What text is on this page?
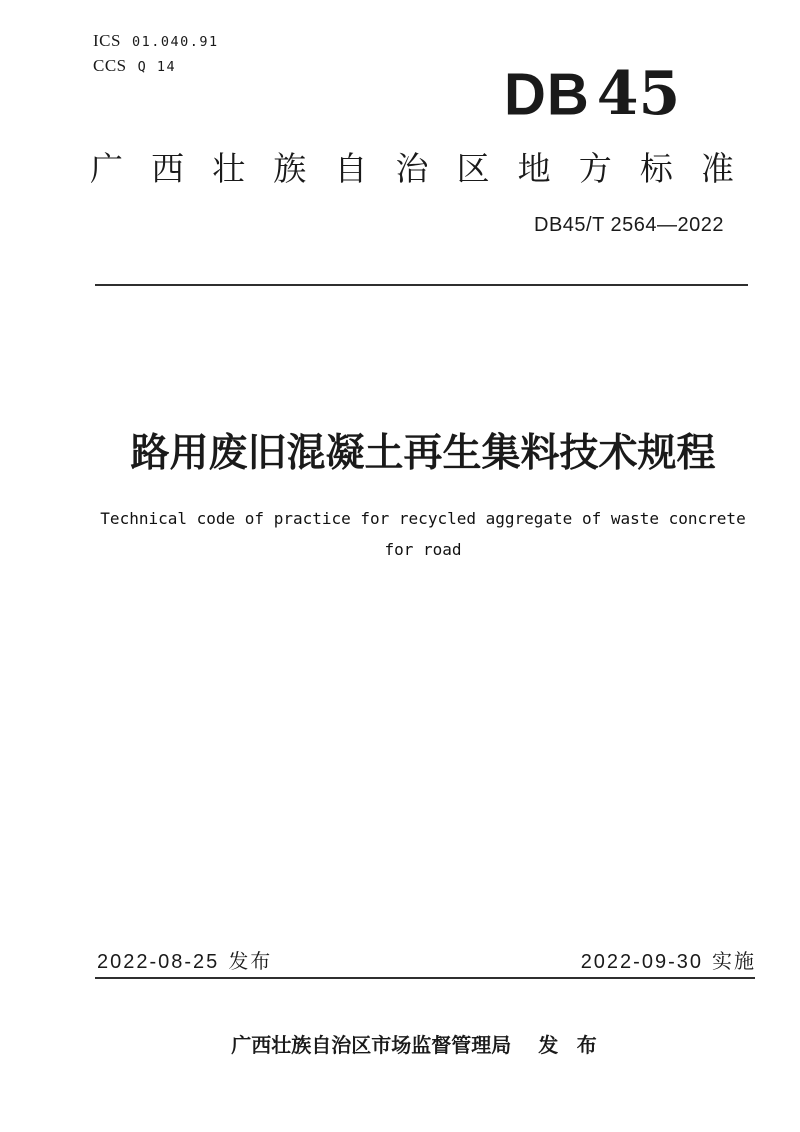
ICS 01.040.91
CCS Q 14	DB 45
广 西 壮 族 自 治 区 地 方 标 准
DB45/T 2564—2022
路用废旧混凝土再生集料技术规程
Technical code of practice for recycled aggregate of waste concrete
for road
2022-08-25 发布	2022-09-30 实施
广西壮族自治区市场监督管理局 发 布
